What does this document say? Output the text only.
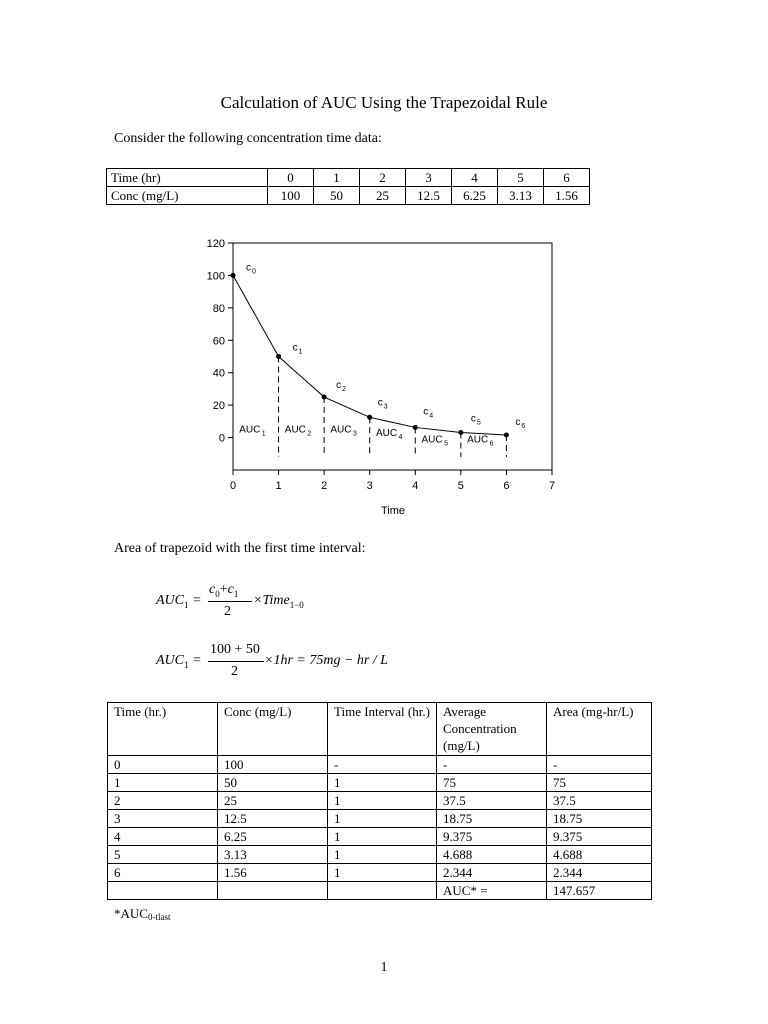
Calculation of AUC Using the Trapezoidal Rule
Consider the following concentration time data:
Time (hr)	0	1	2	3	4	5	6
Conc (mg/L)	100	50	25	12.5	6.25	3.13	1.56
Time
0
20
40
60
80
100
120
0	1	2	3	4	5	6	7
c 0
c 1
c 2
c 3	c 4	c 5	c 6
AUC 1 AUC 2 AUC 3 AUC 4 AUC 5 AUC 6
Area of trapezoid with the first time interval:
$AUC_1$ =
$c_0+c_1$
2
×Time$_{1-0}$
$AUC_1$ =
100 + 50
2
×1hr = 75mg − hr / L
Time (hr.)	Conc (mg/L)	Time Interval (hr.)	Average Concentration (mg/L)	Area (mg-hr/L)
0	100	-	-	-
1	50	1	75	75
2	25	1	37.5	37.5
3	12.5	1	18.75	18.75
4	6.25	1	9.375	9.375
5	3.13	1	4.688	4.688
6	1.56	1	2.344	2.344
			AUC* =	147.657
$*AUC_{0-tlast}$
1
